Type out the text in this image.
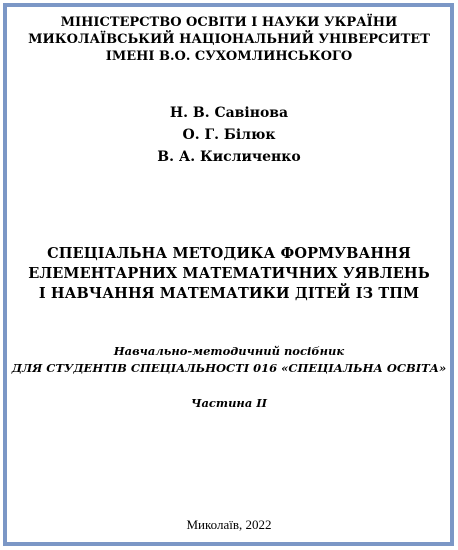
МІНІСТЕРСТВО ОСВІТИ І НАУКИ УКРАЇНИ
МИКОЛАЇВСЬКИЙ НАЦІОНАЛЬНИЙ УНІВЕРСИТЕТ
ІМЕНІ В.О. СУХОМЛИНСЬКОГО
Н. В. Савінова
О. Г. Білюк
В. А. Кисличенко
СПЕЦІАЛЬНА МЕТОДИКА ФОРМУВАННЯ
ЕЛЕМЕНТАРНИХ МАТЕМАТИЧНИХ УЯВЛЕНЬ
І НАВЧАННЯ МАТЕМАТИКИ ДІТЕЙ ІЗ ТПМ
Навчально-методичний посібник
ДЛЯ СТУДЕНТІВ СПЕЦІАЛЬНОСТІ 016 «СПЕЦІАЛЬНА ОСВІТА»
Частина ІІ
Миколаїв, 2022
